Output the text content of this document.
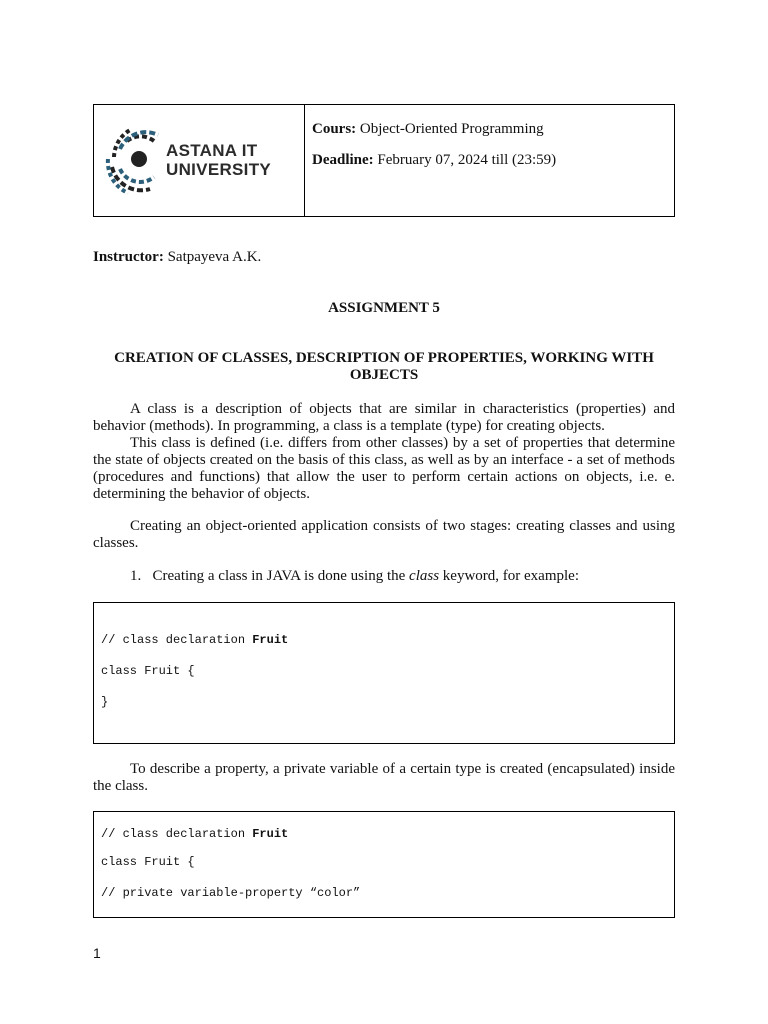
ASTANA IT
UNIVERSITY

Cours: Object-Oriented Programming

Deadline: February 07, 2024 till (23:59)

Instructor: Satpayeva A.K.
ASSIGNMENT 5
CREATION OF CLASSES, DESCRIPTION OF PROPERTIES, WORKING WITH OBJECTS

A class is a description of objects that are similar in characteristics (properties) and behavior (methods). In programming, a class is a template (type) for creating objects.

This class is defined (i.e. differs from other classes) by a set of properties that determine the state of objects created on the basis of this class, as well as by an interface - a set of methods (procedures and functions) that allow the user to perform certain actions on objects, i.e. e. determining the behavior of objects.

Creating an object-oriented application consists of two stages: creating classes and using classes.

1. Creating a class in JAVA is done using the class keyword, for example:
// class declaration Fruit
class Fruit {
}

To describe a property, a private variable of a certain type is created (encapsulated) inside the class.

// class declaration Fruit
class Fruit {
// private variable-property “color”
1
